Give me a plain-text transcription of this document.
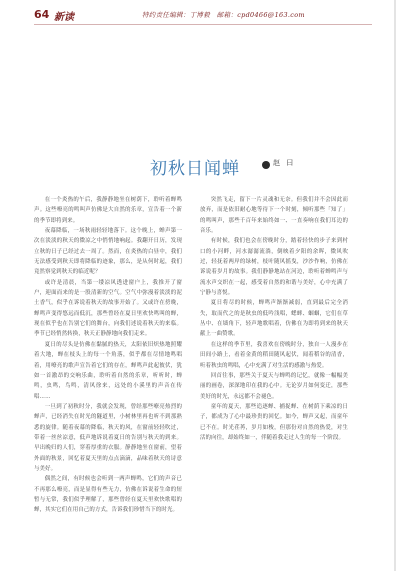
64 新读	特约责任编辑：丁博毅　邮箱：cpd0466@163.com
初秋日闻蝉	赵 曰

在一个炎热的午后，我静静地坐在树荫下，聆听着蝉鸣声。这些嘹亮的鸣叫声仿佛是大自然的乐章，宣告着一个新的季节即将到来。

夜幕降临，一场秋雨轻轻地落下。这个晚上，蝉声第一次在淡淡的秋天的微凉之中悄悄地响起。我翻开日历，发现立秋的日子已经过去一周了。然而，在炎热的白昼中，我们无法感受到秋天即将降临的迹象，那么，是从何时起，我们竟然察觉到秋天的临近呢？

或许是清晨，当第一缕凉风透进窗户上，我推开了窗户，迎面而来的是一股清新的空气。空气中弥漫着淡淡的泥土香气，似乎在诉说着秋天的故事开始了。又或许在傍晚，蝉鸣声变得悠远而低沉，那些曾经在夏日里欢快鸣叫的蝉，现在似乎也在告别它们的舞台，向我们述说着秋天的来临。季节已经悄然转换，秋天正静静地向我们走来。

夏日的尽头是仿佛在黏腻的热天，太阳依旧炽热地照耀着大地，蝉在枝头上的每一个角落，似乎都在尽情地鸣唱着，用嘹亮的歌声宣告着它们的存在，蝉鸣声此起彼伏，犹如一首激昂的交响乐曲，聆听着自然的乐章，听听时，蝉鸣，虫鸣，鸟鸣，清风徐来，远处的小溪里的声音在传唱……

一旦到了初秋时分，我就会发现，曾经那些嘹亮热烈的蝉声，已经消失在时光的隧道里，小树林里再也听不到那熟悉的旋律。随着夜幕的降临，秋天的风，在窗前轻轻吹过，带着一丝丝凉意，低声地诉说着夏日的告别与秋天的到来。早出晚归的人们，穿着厚重的衣服。静静地坐在窗前，望着外面的秋景，回忆着夏天里的点点滴滴，品味着秋天的诗意与美好。

偶然之间，有时候也会听到一两声蝉鸣，它们的声音已不再那么嘹亮，而是显得有些无力，仿佛在诉说着生命的短暂与无常，我们似乎理解了，那些曾经在夏天里欢快歌唱的蝉，其实它们在用自己的方式，告诉我们珍惜当下的时光。

突然飞走，留下一片灵魂和无奈。但我们并不会因此而放弃，而是依旧耐心地等待下一个时刻，倾听那些「知了」的鸣叫声，那些千百年来始终如一、一直奏响在我们耳边的音乐。

有时候，我们也会在傍晚时分，踏着轻快的步子来到村口的小河畔，河水潺潺流淌，倒映着夕阳的余晖，微风吹过，轻抚着两岸的绿树，枝叶随风摇曳，沙沙作响，仿佛在诉说着岁月的故事。我们静静地站在河边，聆听着蝉鸣声与流水声交织在一起，感受着自然的和谐与美好，心中充满了宁静与喜悦。

夏日将尽的时候，蝉鸣声渐渐减弱，直到最后完全消失，取而代之的是秋虫的低吟浅唱，蟋蟀、蝈蝈，它们在草丛中、在墙角下，轻声地歌唱着，仿佛在为即将到来的秋天献上一曲赞歌。

在这样的季节里，我喜欢在傍晚时分，独自一人漫步在田间小路上，看着金黄的稻田随风起伏，闻着稻谷的清香，听着秋虫的鸣唱，心中充满了对生活的感激与热爱。

回首往事，那些关于夏天与蝉鸣的记忆，就像一幅幅美丽的画卷，深深地印在我的心中。无论岁月如何变迁，那些美好的时光，永远都不会褪色。

童年的夏天，那些追逐蝉、捕捉蝉、在树荫下乘凉的日子，都成为了心中最珍贵的回忆。如今，蝉声又起，而童年已不在。时光荏苒，岁月如梭，但那份对自然的热爱，对生活的向往，却始终如一，伴随着我走过人生的每一个阶段。
